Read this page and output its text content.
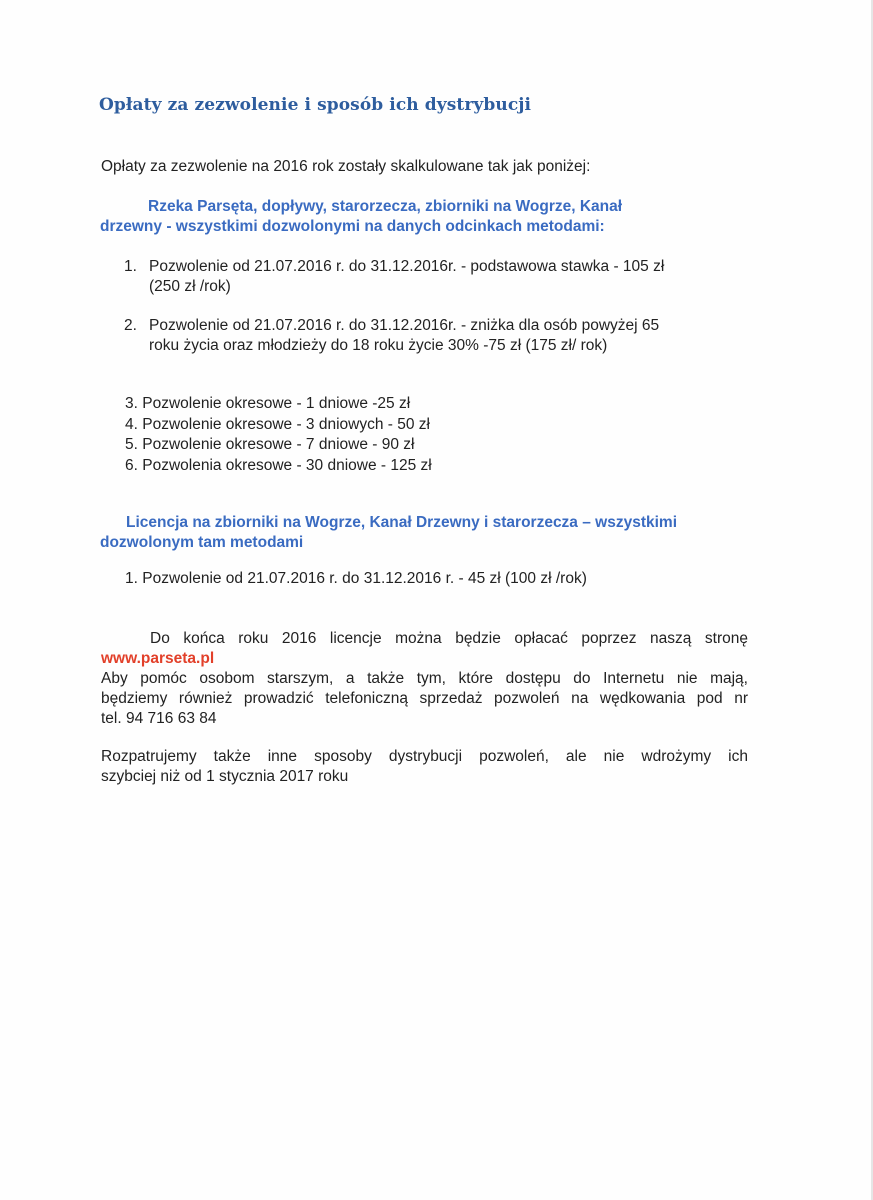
Opłaty za zezwolenie i sposób ich dystrybucji
Opłaty za zezwolenie na 2016 rok zostały skalkulowane tak jak poniżej:
Rzeka Parsęta, dopływy, starorzecza, zbiorniki na Wogrze, Kanał
drzewny - wszystkimi dozwolonymi na danych odcinkach metodami:
1. Pozwolenie od 21.07.2016 r. do 31.12.2016r. - podstawowa stawka - 105 zł
(250 zł /rok)
2. Pozwolenie od 21.07.2016 r. do 31.12.2016r. - zniżka dla osób powyżej 65
roku życia oraz młodzieży do 18 roku życie 30% -75 zł (175 zł/ rok)
3. Pozwolenie okresowe - 1 dniowe -25 zł
4. Pozwolenie okresowe - 3 dniowych - 50 zł
5. Pozwolenie okresowe - 7 dniowe - 90 zł
6. Pozwolenia okresowe - 30 dniowe - 125 zł
Licencja na zbiorniki na Wogrze, Kanał Drzewny i starorzecza – wszystkimi
dozwolonym tam metodami
1. Pozwolenie od 21.07.2016 r. do 31.12.2016 r. - 45 zł (100 zł /rok)
Do końca roku 2016 licencje można będzie opłacać poprzez naszą stronę
www.parseta.pl
Aby pomóc osobom starszym, a także tym, które dostępu do Internetu nie mają,
będziemy również prowadzić telefoniczną sprzedaż pozwoleń na wędkowania pod nr
tel. 94 716 63 84
Rozpatrujemy także inne sposoby dystrybucji pozwoleń, ale nie wdrożymy ich
szybciej niż od 1 stycznia 2017 roku
